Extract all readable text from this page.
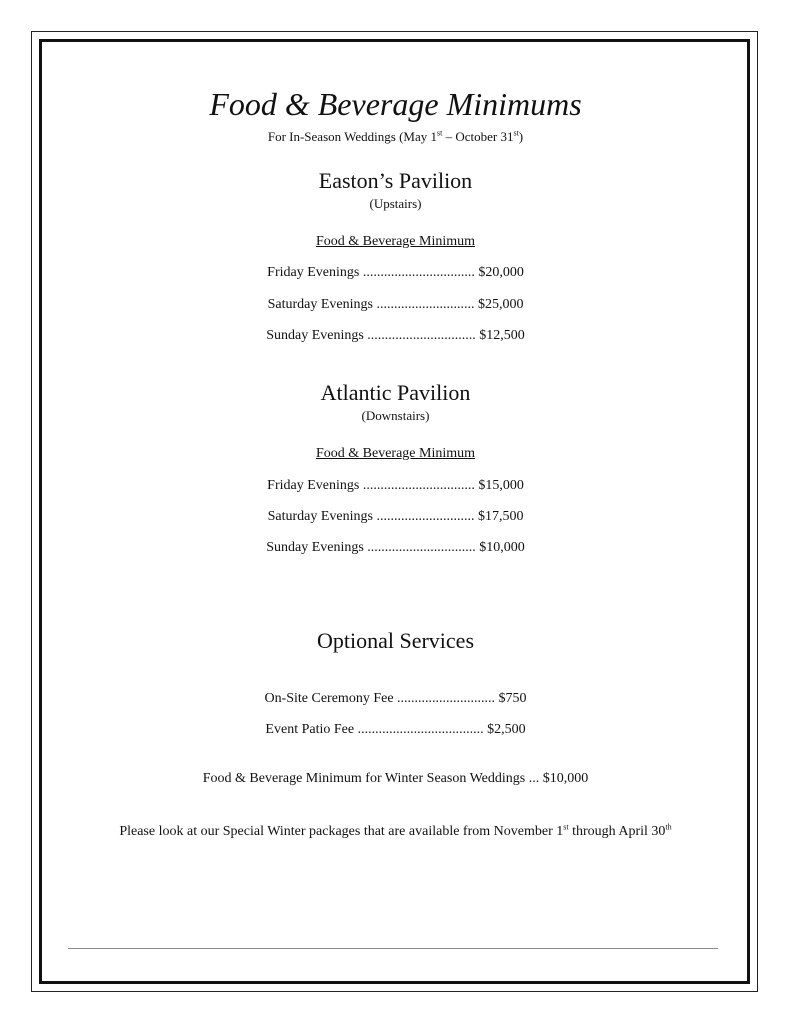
Food & Beverage Minimums
For In-Season Weddings (May 1st – October 31st)
Easton’s Pavilion
(Upstairs)
Food & Beverage Minimum
Friday Evenings ................................ $20,000
Saturday Evenings ............................ $25,000
Sunday Evenings ............................... $12,500
Atlantic Pavilion
(Downstairs)
Food & Beverage Minimum
Friday Evenings ................................ $15,000
Saturday Evenings ............................ $17,500
Sunday Evenings ............................... $10,000
Optional Services
On-Site Ceremony Fee ............................ $750
Event Patio Fee .................................... $2,500
Food & Beverage Minimum for Winter Season Weddings ... $10,000
Please look at our Special Winter packages that are available from November 1st through April 30th
